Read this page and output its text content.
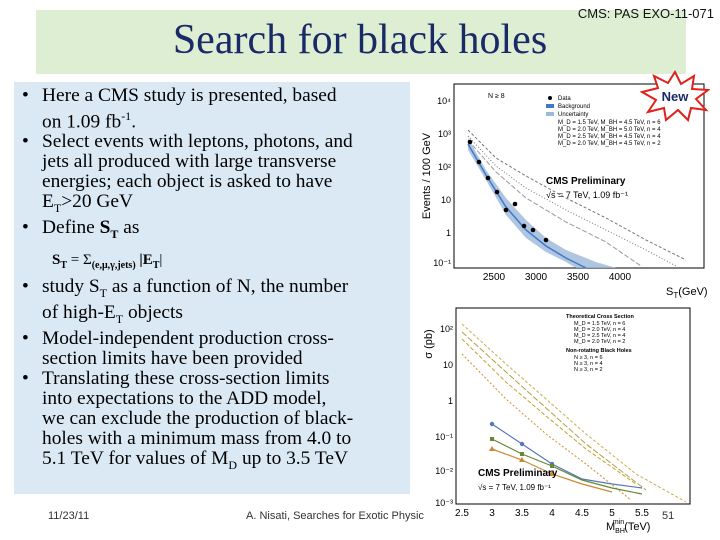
Search for black holes
CMS: PAS EXO-11-071
• Here a CMS study is presented, based
on 1.09 $fb^{-1}$.
• Select events with leptons, photons, and
jets all produced with large transverse
energies; each object is asked to have
$E_T>20$ GeV
• Define $S_T$ as
$S_T = \Sigma_{(e,\mu,\gamma,jets)}$ $|E_T|$
• study $S_T$ as a function of N, the number
of high-$E_T$ objects
• Model-independent production cross-
section limits have been provided
• Translating these cross-section limits
into expectations to the ADD model,
we can exclude the production of black-
holes with a minimum mass from 4.0 to
5.1 TeV for values of $M_D$ up to 3.5 TeV
Events / 100 GeV
10⁴
10³
10²
10
1
10⁻¹
2500 3000 3500 4000
$S_T(GeV)$
N ≥ 8	Data
Background
Uncertainty
M_D = 1.5 TeV, M_BH = 4.5 TeV, n = 6
M_D = 2.0 TeV, M_BH = 5.0 TeV, n = 4
M_D = 2.5 TeV, M_BH = 4.5 TeV, n = 4
M_D = 2.0 TeV, M_BH = 4.5 TeV, n = 2
CMS Preliminary
√s = 7 TeV, 1.09 fb⁻¹
New
σ (pb)
10²
10
1
10⁻¹
10⁻²
10⁻³
2.5 3 3.5 4 4.5 5 5.5
$M_{BH}\min(TeV)$
Theoretical Cross Section
M_D = 1.5 TeV, n = 6
M_D = 2.0 TeV, n = 4
M_D = 2.5 TeV, n = 4
M_D = 2.0 TeV, n = 2
Non-rotating Black Holes
N ≥ 3, n = 6
N ≥ 3, n = 4
N ≥ 3, n = 2
CMS Preliminary
√s = 7 TeV, 1.09 fb⁻¹
11/23/11	A. Nisati, Searches for Exotic Physic	51
